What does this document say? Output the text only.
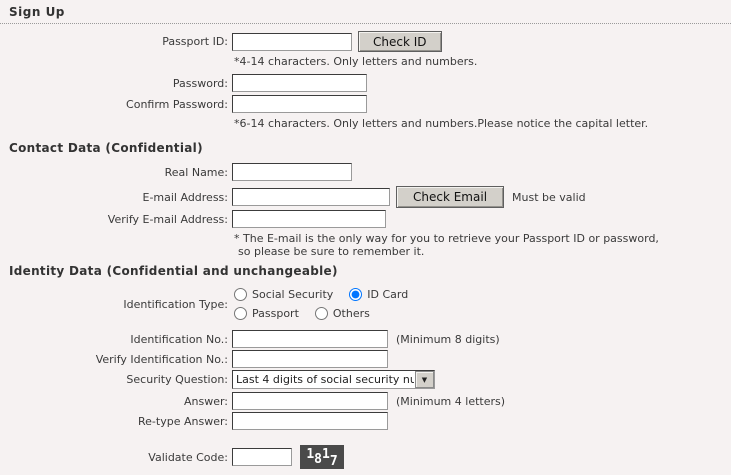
Sign Up
Passport ID:	Check ID
*4-14 characters. Only letters and numbers.
Password:
Confirm Password:
*6-14 characters. Only letters and numbers.Please notice the capital letter.
Contact Data (Confidential)
Real Name:
E-mail Address:	Check Email	Must be valid
Verify E-mail Address:
* The E-mail is the only way for you to retrieve your Passport ID or password,
so please be sure to remember it.
Identity Data (Confidential and unchangeable)
Identification Type:
Social Security	ID Card
Passport	Others
Identification No.:	(Minimum 8 digits)
Verify Identification No.:
Security Question:
Last 4 digits of social security number	▼
Answer:	(Minimum 4 letters)
Re-type Answer:
Validate Code:	1 8 1 7
